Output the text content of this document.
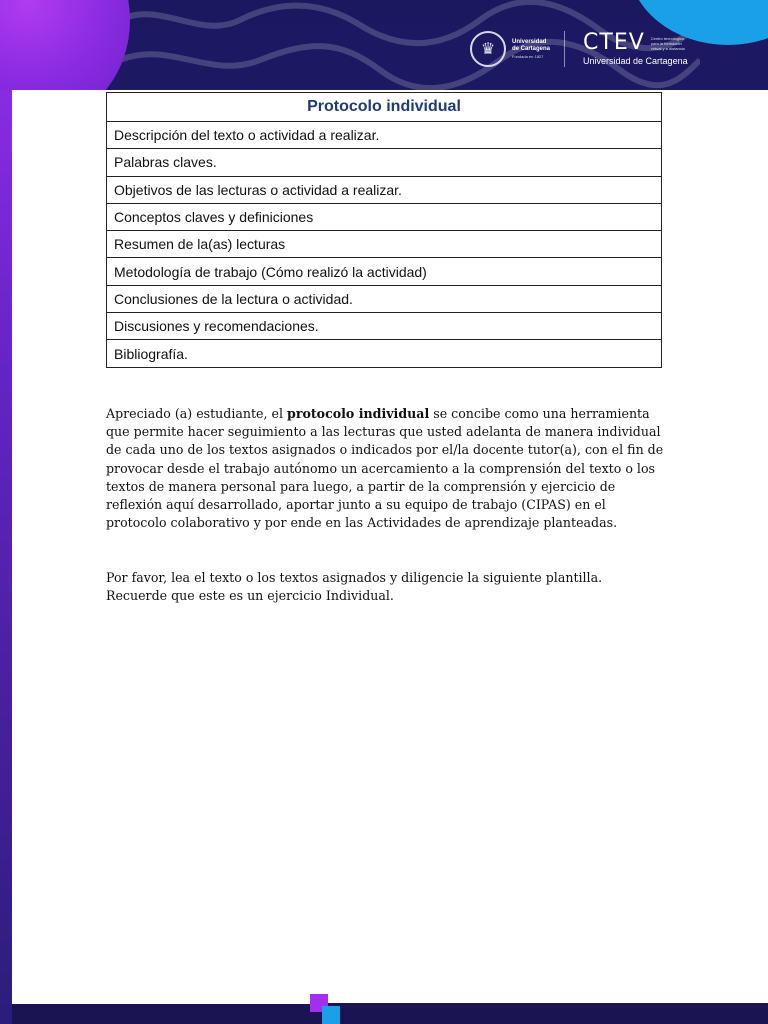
♛	Universidad
de Cartagena
Fundada en 1827
CTEV Centro tecnológico para la formación virtual y a distancia
Universidad de Cartagena
Protocolo individual
Descripción del texto o actividad a realizar.
Palabras claves.
Objetivos de las lecturas o actividad a realizar.
Conceptos claves y definiciones
Resumen de la(as) lecturas
Metodología de trabajo (Cómo realizó la actividad)
Conclusiones de la lectura o actividad.
Discusiones y recomendaciones.
Bibliografía.
Apreciado (a) estudiante, el protocolo individual se concibe como una herramienta que permite hacer seguimiento a las lecturas que usted adelanta de manera individual de cada uno de los textos asignados o indicados por el/la docente tutor(a), con el fin de provocar desde el trabajo autónomo un acercamiento a la comprensión del texto o los textos de manera personal para luego, a partir de la comprensión y ejercicio de reflexión aquí desarrollado, aportar junto a su equipo de trabajo (CIPAS) en el protocolo colaborativo y por ende en las Actividades de aprendizaje planteadas.
Por favor, lea el texto o los textos asignados y diligencie la siguiente plantilla.
Recuerde que este es un ejercicio Individual.
